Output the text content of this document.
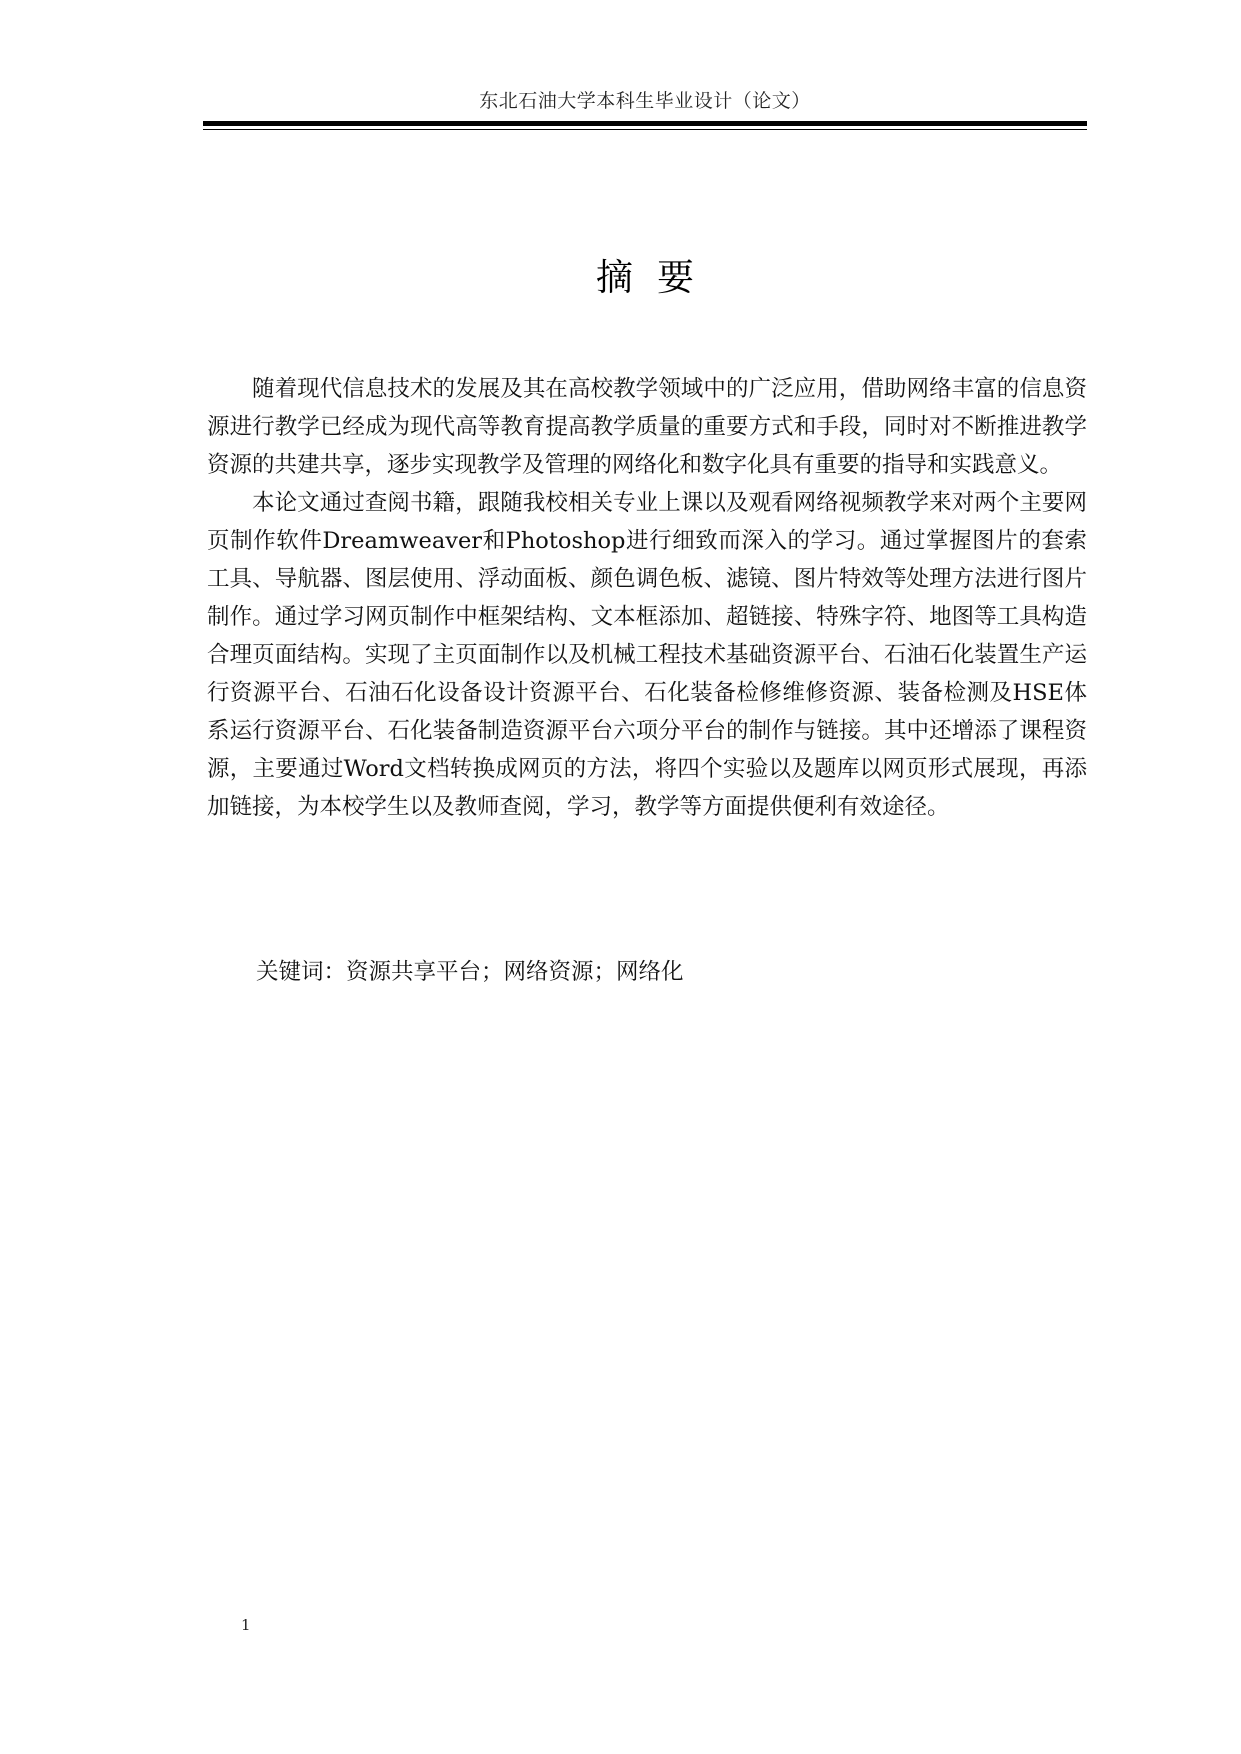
东北石油大学本科生毕业设计（论文）
摘要

随着现代信息技术的发展及其在高校教学领域中的广泛应用，借助网络丰富的信息资源进行教学已经成为现代高等教育提高教学质量的重要方式和手段，同时对不断推进教学资源的共建共享，逐步实现教学及管理的网络化和数字化具有重要的指导和实践意义。

本论文通过查阅书籍，跟随我校相关专业上课以及观看网络视频教学来对两个主要网页制作软件Dreamweaver和Photoshop进行细致而深入的学习。通过掌握图片的套索工具、导航器、图层使用、浮动面板、颜色调色板、滤镜、图片特效等处理方法进行图片制作。通过学习网页制作中框架结构、文本框添加、超链接、特殊字符、地图等工具构造合理页面结构。实现了主页面制作以及机械工程技术基础资源平台、石油石化装置生产运行资源平台、石油石化设备设计资源平台、石化装备检修维修资源、装备检测及HSE体系运行资源平台、石化装备制造资源平台六项分平台的制作与链接。其中还增添了课程资源，主要通过Word文档转换成网页的方法，将四个实验以及题库以网页形式展现，再添加链接，为本校学生以及教师查阅，学习，教学等方面提供便利有效途径。

关键词：资源共享平台；网络资源；网络化
1
